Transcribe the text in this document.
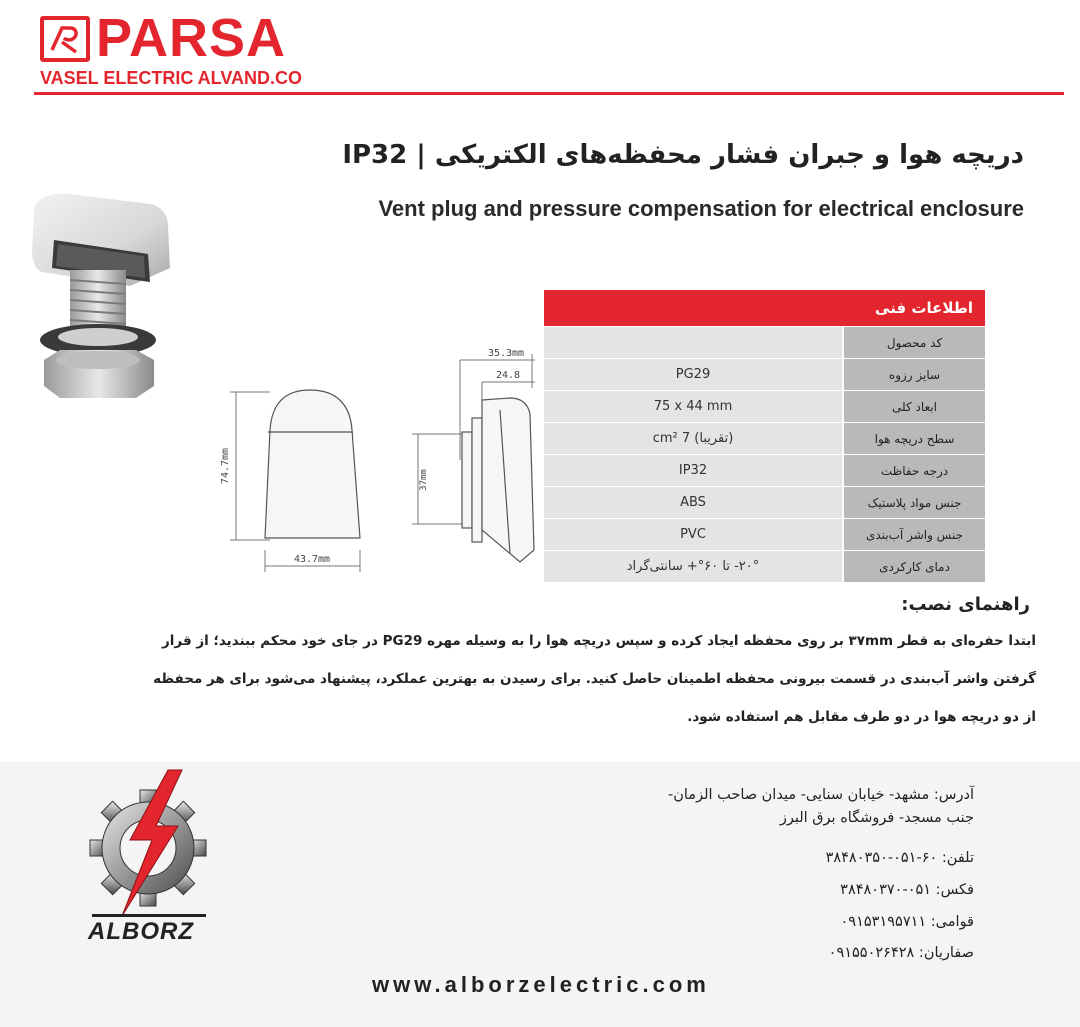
PARSA
VASEL ELECTRIC ALVAND.CO
دریچه هوا و جبران فشار محفظه‌های الکتریکی | IP32
Vent plug and pressure compensation for electrical enclosure
اطلاعات فنی
کد محصول
PG29	سایز رزوه
75 x 44 mm	ابعاد کلی
(تقریبا) 7 cm²	سطح دریچه هوا
IP32	درجه حفاظت
ABS	جنس مواد پلاستیک
PVC	جنس واشر آب‌بندی
۲۰°- تا ۶۰°+ سانتی‌گراد	دمای کارکردی
74.7mm
43.7mm
35.3mm
24.8
37mm
راهنمای نصب:
ابتدا حفره‌ای به قطر ۳۷mm بر روی محفظه ایجاد کرده و سپس دریچه هوا را به وسیله مهره PG29 در جای خود محکم ببندید؛ از قرار
گرفتن واشر آب‌بندی در قسمت بیرونی محفظه اطمینان حاصل کنید. برای رسیدن به بهترین عملکرد، پیشنهاد می‌شود برای هر محفظه
از دو دریچه هوا در دو طرف مقابل هم استفاده شود.
ALBORZ
آدرس: مشهد- خیابان سنایی- میدان صاحب الزمان-
جنب مسجد- فروشگاه برق البرز
تلفن: ۶۰-۰۵۱-۳۸۴۸۰۳۵۰
فکس: ۰۵۱-۳۸۴۸۰۳۷۰
قوامی: ۰۹۱۵۳۱۹۵۷۱۱
صفاریان: ۰۹۱۵۵۰۲۶۴۲۸
www.alborzelectric.com
